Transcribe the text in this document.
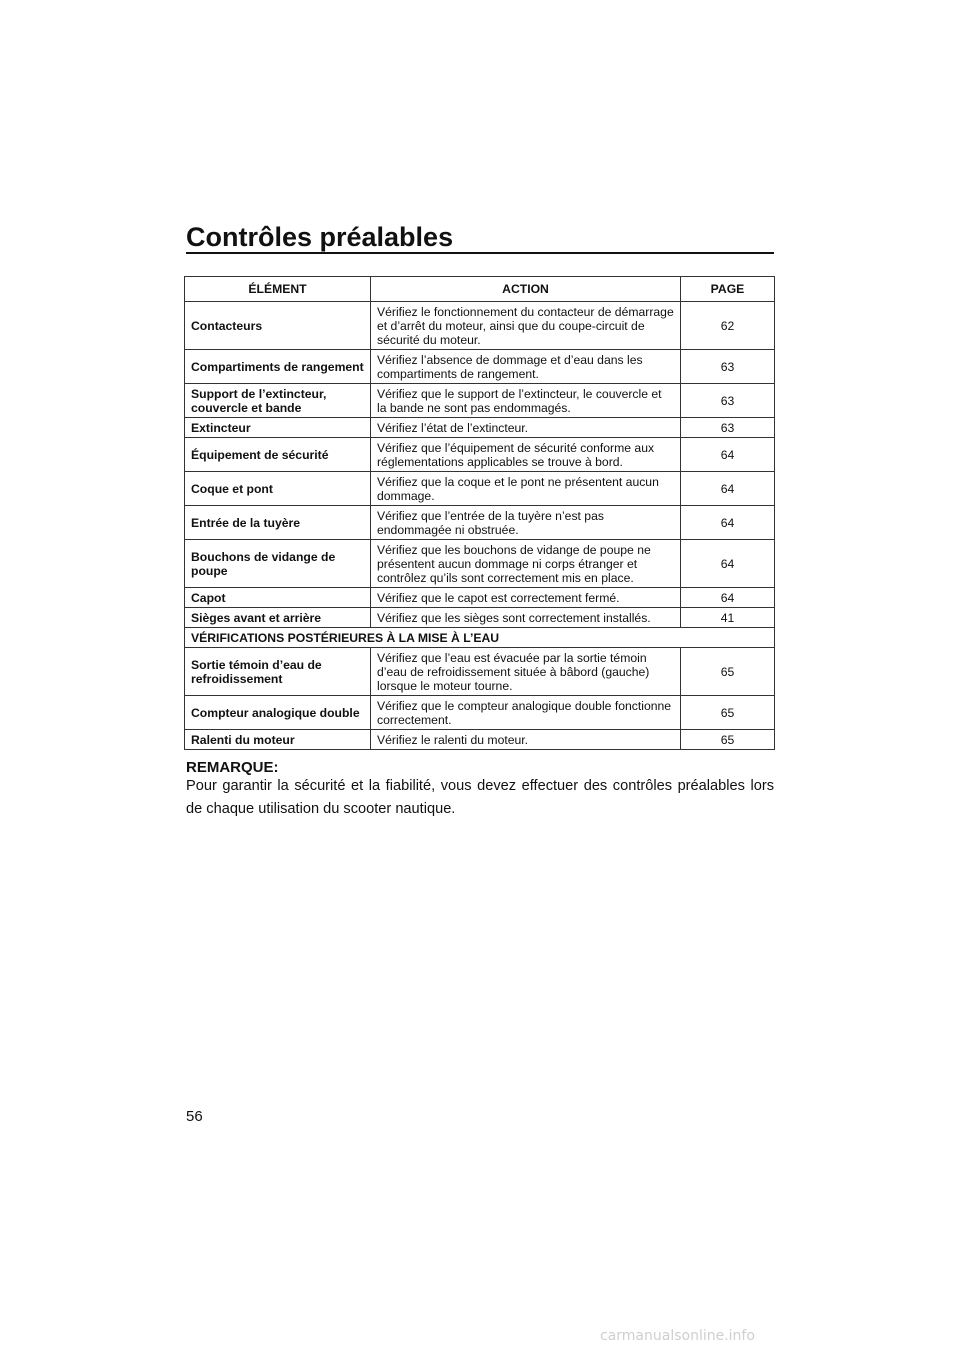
Contrôles préalables
ÉLÉMENT	ACTION	PAGE
Contacteurs	Vérifiez le fonctionnement du contacteur de démarrage et d’arrêt du moteur, ainsi que du coupe-circuit de sécurité du moteur.	62
Compartiments de rangement	Vérifiez l’absence de dommage et d’eau dans les compartiments de rangement.	63
Support de l’extincteur, couvercle et bande	Vérifiez que le support de l’extincteur, le couvercle et la bande ne sont pas endommagés.	63
Extincteur	Vérifiez l’état de l’extincteur.	63
Équipement de sécurité	Vérifiez que l’équipement de sécurité conforme aux réglementations applicables se trouve à bord.	64
Coque et pont	Vérifiez que la coque et le pont ne présentent aucun dommage.	64
Entrée de la tuyère	Vérifiez que l’entrée de la tuyère n’est pas endommagée ni obstruée.	64
Bouchons de vidange de poupe	Vérifiez que les bouchons de vidange de poupe ne présentent aucun dommage ni corps étranger et contrôlez qu’ils sont correctement mis en place.	64
Capot	Vérifiez que le capot est correctement fermé.	64
Sièges avant et arrière	Vérifiez que les sièges sont correctement installés.	41
VÉRIFICATIONS POSTÉRIEURES À LA MISE À L’EAU		
Sortie témoin d’eau de refroidissement	Vérifiez que l’eau est évacuée par la sortie témoin d’eau de refroidissement située à bâbord (gauche) lorsque le moteur tourne.	65
Compteur analogique double	Vérifiez que le compteur analogique double fonctionne correctement.	65
Ralenti du moteur	Vérifiez le ralenti du moteur.	65
REMARQUE:

Pour garantir la sécurité et la fiabilité, vous devez effectuer des contrôles préalables lors de chaque utilisation du scooter nautique.

56
carmanualsonline.info
